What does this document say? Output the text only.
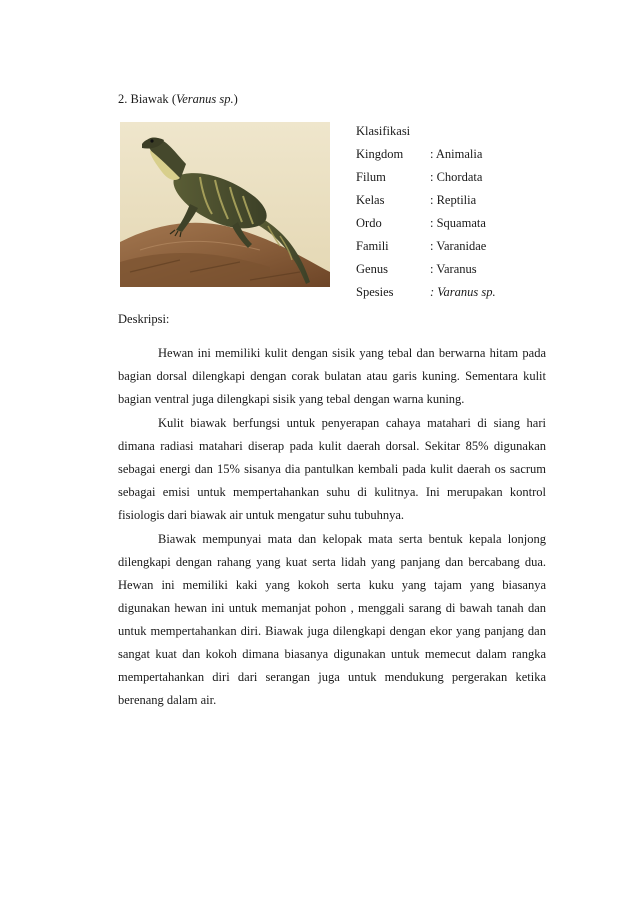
2. Biawak (Veranus sp.)
Klasifikasi
Kingdom	: Animalia
Filum	: Chordata
Kelas	: Reptilia
Ordo	: Squamata
Famili	: Varanidae
Genus	: Varanus
Spesies	: Varanus sp.
Deskripsi:

Hewan ini memiliki kulit dengan sisik yang tebal dan berwarna hitam pada bagian dorsal dilengkapi dengan corak bulatan atau garis kuning. Sementara kulit bagian ventral juga dilengkapi sisik yang tebal dengan warna kuning.

Kulit biawak berfungsi untuk penyerapan cahaya matahari di siang hari dimana radiasi matahari diserap pada kulit daerah dorsal. Sekitar 85% digunakan sebagai energi dan 15% sisanya dia pantulkan kembali pada kulit daerah os sacrum sebagai emisi untuk mempertahankan suhu di kulitnya. Ini merupakan kontrol fisiologis dari biawak air untuk mengatur suhu tubuhnya.

Biawak mempunyai mata dan kelopak mata serta bentuk kepala lonjong dilengkapi dengan rahang yang kuat serta lidah yang panjang dan bercabang dua. Hewan ini memiliki kaki yang kokoh serta kuku yang tajam yang biasanya digunakan hewan ini untuk memanjat pohon , menggali sarang di bawah tanah dan untuk mempertahankan diri. Biawak juga dilengkapi dengan ekor yang panjang dan sangat kuat dan kokoh dimana biasanya digunakan untuk memecut dalam rangka mempertahankan diri dari serangan juga untuk mendukung pergerakan ketika berenang dalam air.
